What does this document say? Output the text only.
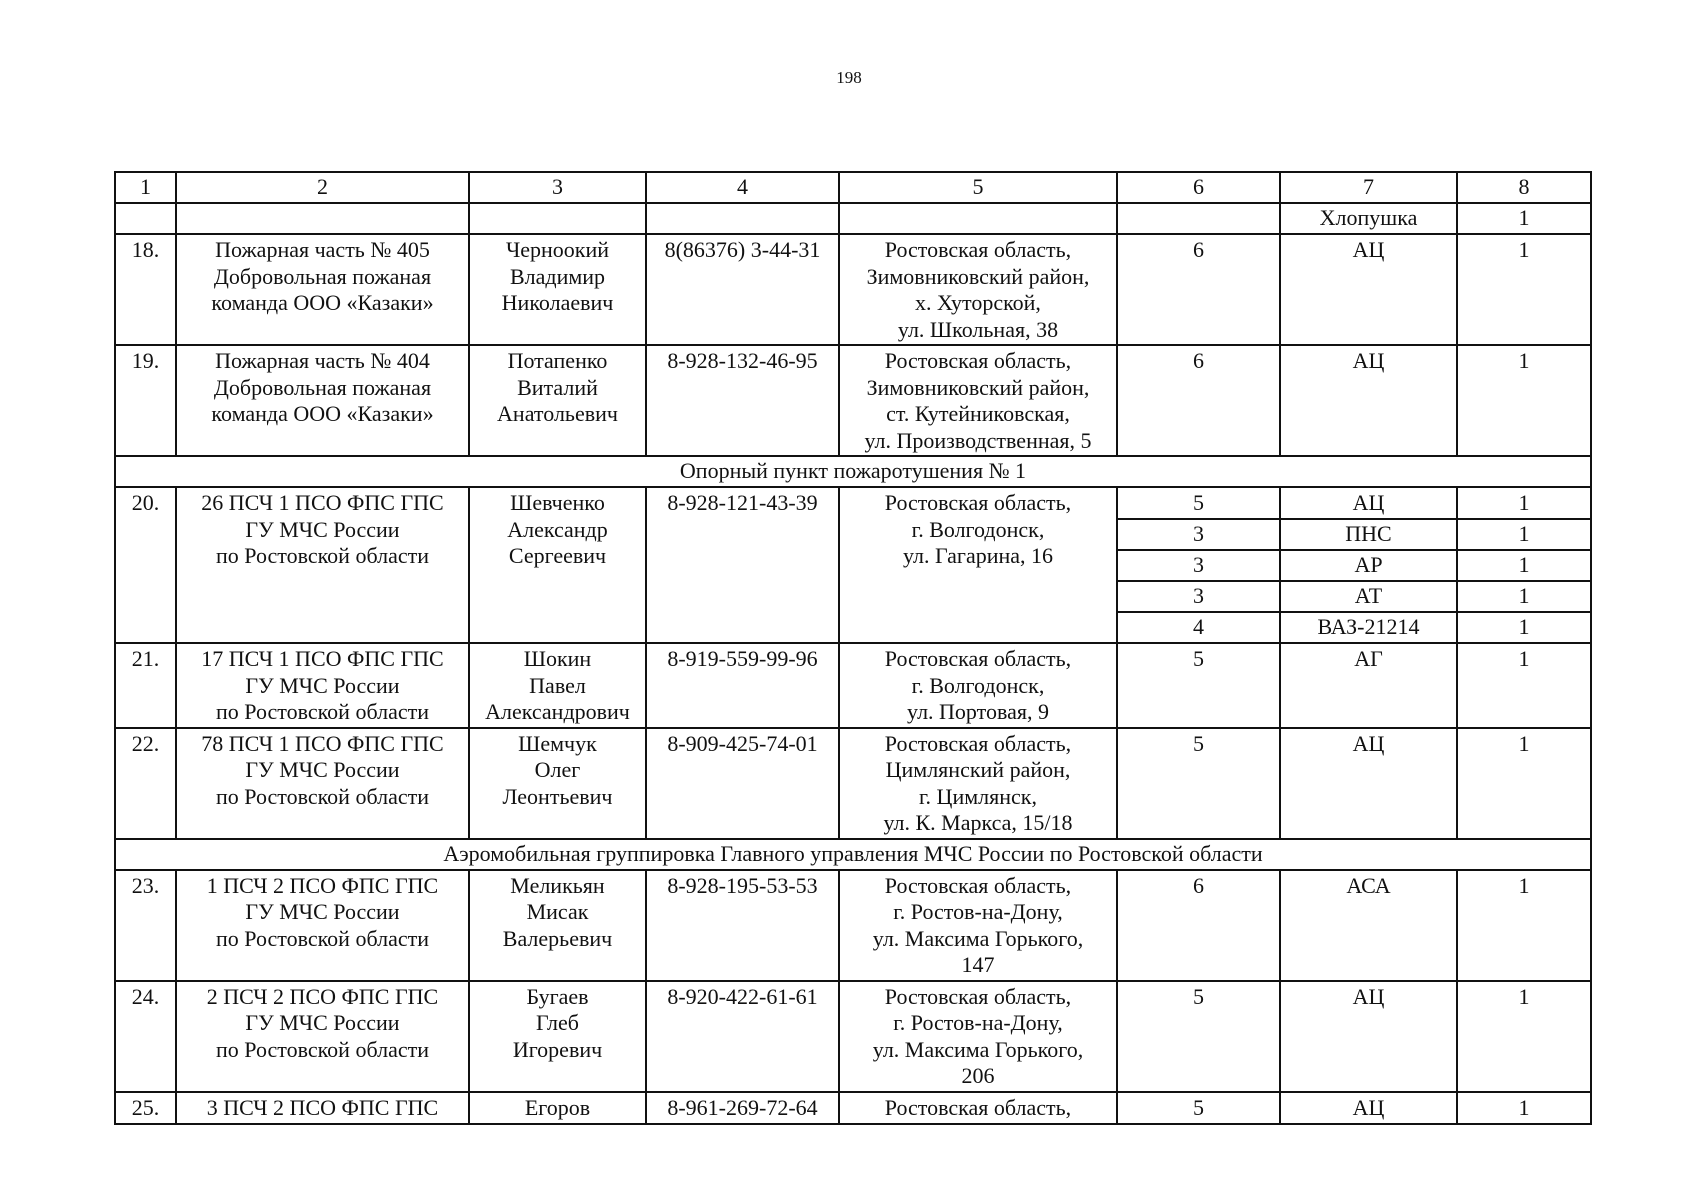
198
1	2	3	4	5	6	7	8
						Хлопушка	1
18.	Пожарная часть № 405
Добровольная пожаная
команда ООО «Казаки»	Черноокий
Владимир
Николаевич	8(86376) 3-44-31	Ростовская область,
Зимовниковский район,
х. Хуторской,
ул. Школьная, 38	6	АЦ	1
19.	Пожарная часть № 404
Добровольная пожаная
команда ООО «Казаки»	Потапенко
Виталий
Анатольевич	8-928-132-46-95	Ростовская область,
Зимовниковский район,
ст. Кутейниковская,
ул. Производственная, 5	6	АЦ	1
Опорный пункт пожаротушения № 1							
20.	26 ПСЧ 1 ПСО ФПС ГПС
ГУ МЧС России
по Ростовской области	Шевченко
Александр
Сергеевич	8-928-121-43-39	Ростовская область,
г. Волгодонск,
ул. Гагарина, 16	5	АЦ	1
					3	ПНС	1
					3	АР	1
					3	АТ	1
					4	ВАЗ-21214	1
21.	17 ПСЧ 1 ПСО ФПС ГПС
ГУ МЧС России
по Ростовской области	Шокин
Павел
Александрович	8-919-559-99-96	Ростовская область,
г. Волгодонск,
ул. Портовая, 9	5	АГ	1
22.	78 ПСЧ 1 ПСО ФПС ГПС
ГУ МЧС России
по Ростовской области	Шемчук
Олег
Леонтьевич	8-909-425-74-01	Ростовская область,
Цимлянский район,
г. Цимлянск,
ул. К. Маркса, 15/18	5	АЦ	1
Аэромобильная группировка Главного управления МЧС России по Ростовской области							
23.	1 ПСЧ 2 ПСО ФПС ГПС
ГУ МЧС России
по Ростовской области	Меликьян
Мисак
Валерьевич	8-928-195-53-53	Ростовская область,
г. Ростов-на-Дону,
ул. Максима Горького,
147	6	АСА	1
24.	2 ПСЧ 2 ПСО ФПС ГПС
ГУ МЧС России
по Ростовской области	Бугаев
Глеб
Игоревич	8-920-422-61-61	Ростовская область,
г. Ростов-на-Дону,
ул. Максима Горького,
206	5	АЦ	1
25.	3 ПСЧ 2 ПСО ФПС ГПС	Егоров	8-961-269-72-64	Ростовская область,	5	АЦ	1
